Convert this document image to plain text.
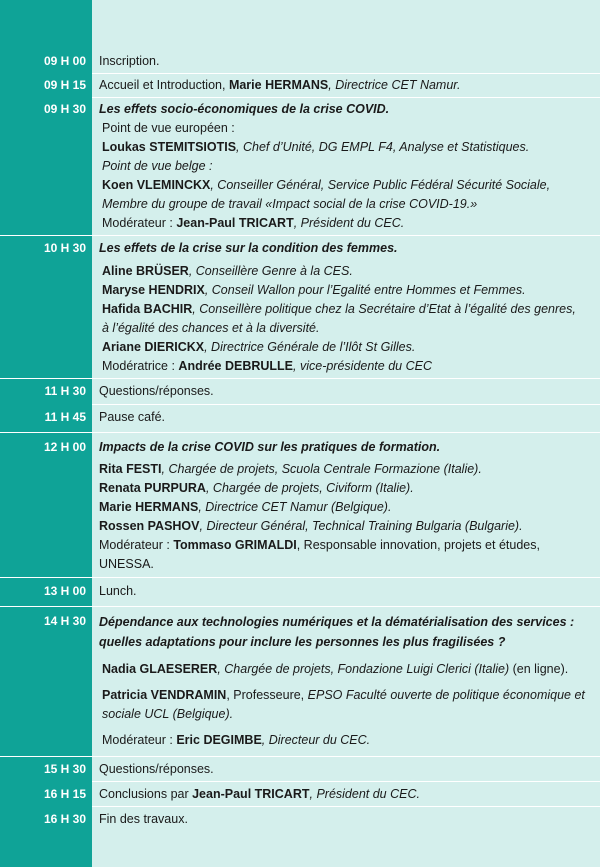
09 H 00 Inscription.
09 H 15 Accueil et Introduction, Marie HERMANS, Directrice CET Namur.
09 H 30 Les effets socio-économiques de la crise COVID.
Point de vue européen :
Loukas STEMITSIOTIS, Chef d’Unité, DG EMPL F4, Analyse et Statistiques.
Point de vue belge :
Koen VLEMINCKX, Conseiller Général, Service Public Fédéral Sécurité Sociale, Membre du groupe de travail «Impact social de la crise COVID-19.»
Modérateur : Jean-Paul TRICART, Président du CEC.
10 H 30 Les effets de la crise sur la condition des femmes.
Aline BRÜSER, Conseillère Genre à la CES.
Maryse HENDRIX, Conseil Wallon pour l’Egalité entre Hommes et Femmes.
Hafida BACHIR, Conseillère politique chez la Secrétaire d’Etat à l’égalité des genres, à l’égalité des chances et à la diversité.
Ariane DIERICKX, Directrice Générale de l’Ilôt St Gilles.
Modératrice : Andrée DEBRULLE, vice-présidente du CEC
11 H 30 Questions/réponses.
11 H 45 Pause café.
12 H 00 Impacts de la crise COVID sur les pratiques de formation.
Rita FESTI, Chargée de projets, Scuola Centrale Formazione (Italie).
Renata PURPURA, Chargée de projets, Civiform (Italie).
Marie HERMANS, Directrice CET Namur (Belgique).
Rossen PASHOV, Directeur Général, Technical Training Bulgaria (Bulgarie).
Modérateur : Tommaso GRIMALDI, Responsable innovation, projets et études, UNESSA.
13 H 00 Lunch.
14 H 30 Dépendance aux technologies numériques et la dématérialisation des services : quelles adaptations pour inclure les personnes les plus fragilisées ?
Nadia GLAESERER, Chargée de projets, Fondazione Luigi Clerici (Italie) (en ligne).
Patricia VENDRAMIN, Professeure, EPSO Faculté ouverte de politique économique et sociale UCL (Belgique).
Modérateur : Eric DEGIMBE, Directeur du CEC.
15 H 30 Questions/réponses.
16 H 15 Conclusions par Jean-Paul TRICART, Président du CEC.
16 H 30 Fin des travaux.
